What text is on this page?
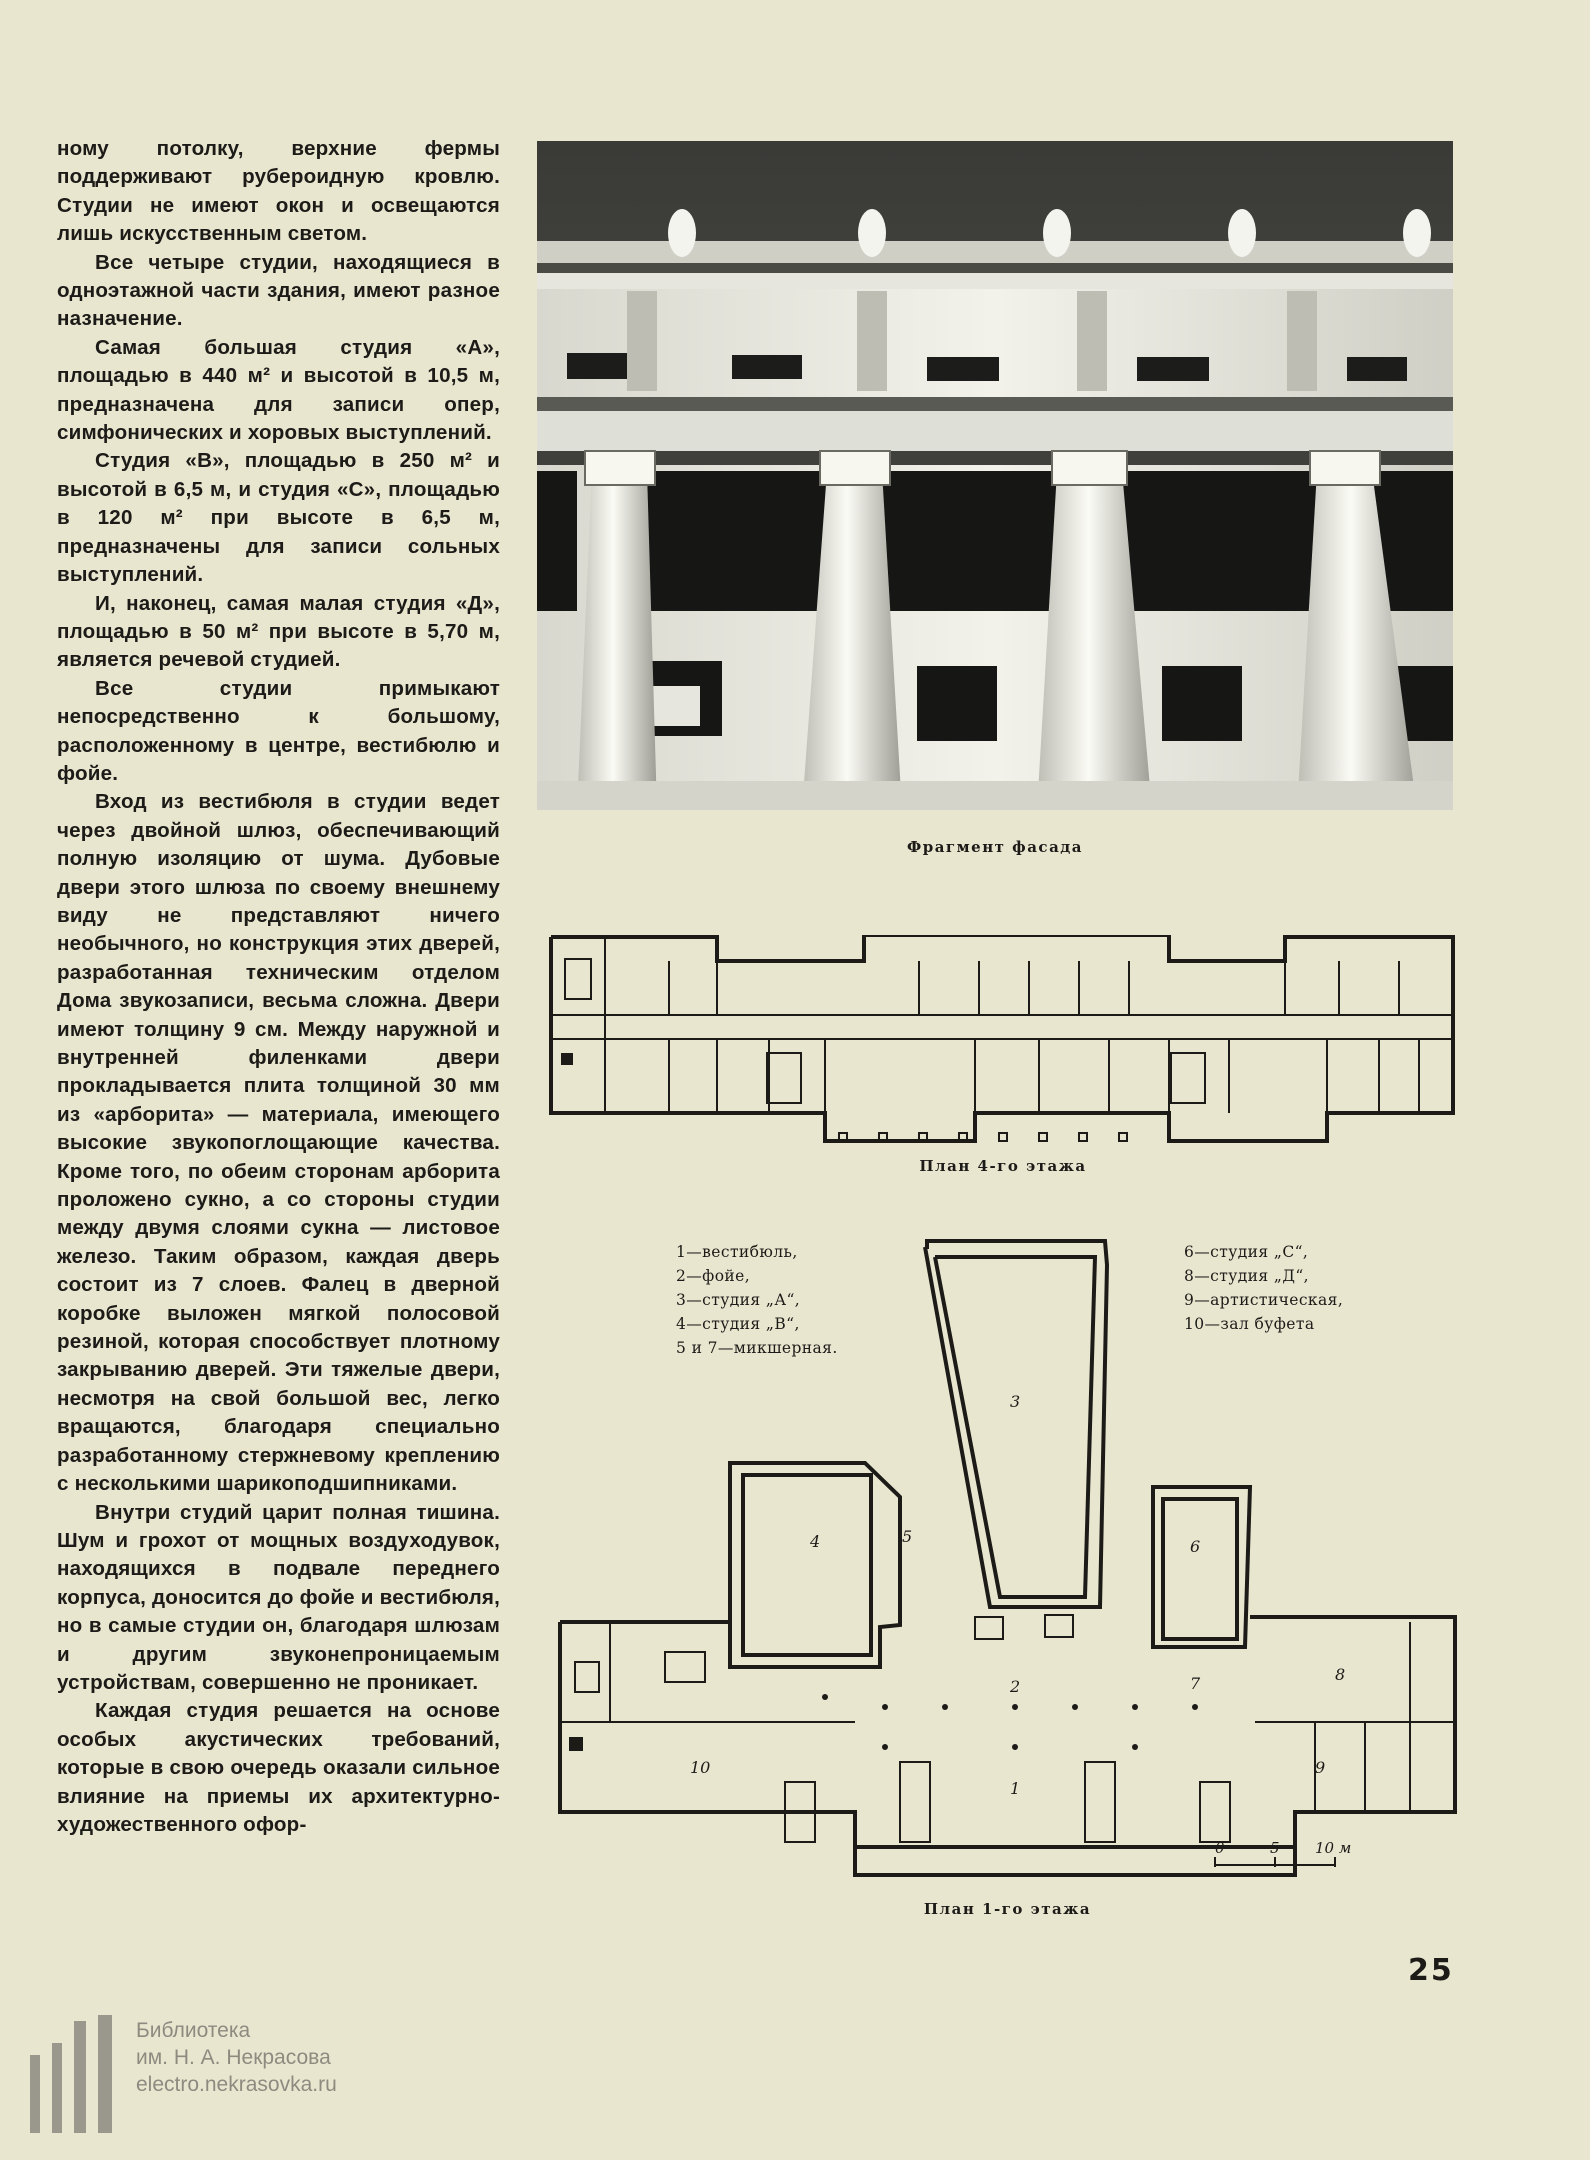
ному потолку, верхние фермы поддерживают рубероидную кровлю. Студии не имеют окон и освещаются лишь искусственным светом.

Все четыре студии, находящиеся в одноэтажной части здания, имеют разное назначение.

Самая большая студия «А», площадью в 440 м² и высотой в 10,5 м, предназначена для записи опер, симфонических и хоровых выступлений.

Студия «В», площадью в 250 м² и высотой в 6,5 м, и студия «С», площадью в 120 м² при высоте в 6,5 м, предназначены для записи сольных выступлений.

И, наконец, самая малая студия «Д», площадью в 50 м² при высоте в 5,70 м, является речевой студией.

Все студии примыкают непосредственно к большому, расположенному в центре, вестибюлю и фойе.

Вход из вестибюля в студии ведет через двойной шлюз, обеспечивающий полную изоляцию от шума. Дубовые двери этого шлюза по своему внешнему виду не представляют ничего необычного, но конструкция этих дверей, разработанная техническим отделом Дома звукозаписи, весьма сложна. Двери имеют толщину 9 см. Между наружной и внутренней филенками двери прокладывается плита толщиной 30 мм из «арборита» — материала, имеющего высокие звукопоглощающие качества. Кроме того, по обеим сторонам арборита проложено сукно, а со стороны студии между двумя слоями сукна — листовое железо. Таким образом, каждая дверь состоит из 7 слоев. Фалец в дверной коробке выложен мягкой полосовой резиной, которая способствует плотному закрыванию дверей. Эти тяжелые двери, несмотря на свой большой вес, легко вращаются, благодаря специально разработанному стержневому креплению с несколькими шарикоподшипниками.

Внутри студий царит полная тишина. Шум и грохот от мощных воздуходувок, находящихся в подвале переднего корпуса, доносится до фойе и вестибюля, но в самые студии он, благодаря шлюзам и другим звуконепроницаемым устройствам, совершенно не проникает.

Каждая студия решается на основе особых акустических требований, которые в свою очередь оказали сильное влияние на приемы их архитектурно-художественного офор-

Фрагмент фасада
План 4-го этажа
1—вестибюль,
2—фойе,
3—студия „А“,
4—студия „В“,
5 и 7—микшерная.
6—студия „С“,
8—студия „Д“,
9—артистическая,
10—зал буфета
1
2
3
4	5
6
7	8
9
10
0	5 10 м
План 1-го этажа
25
Библиотека
им. Н. А. Некрасова
electro.nekrasovka.ru
